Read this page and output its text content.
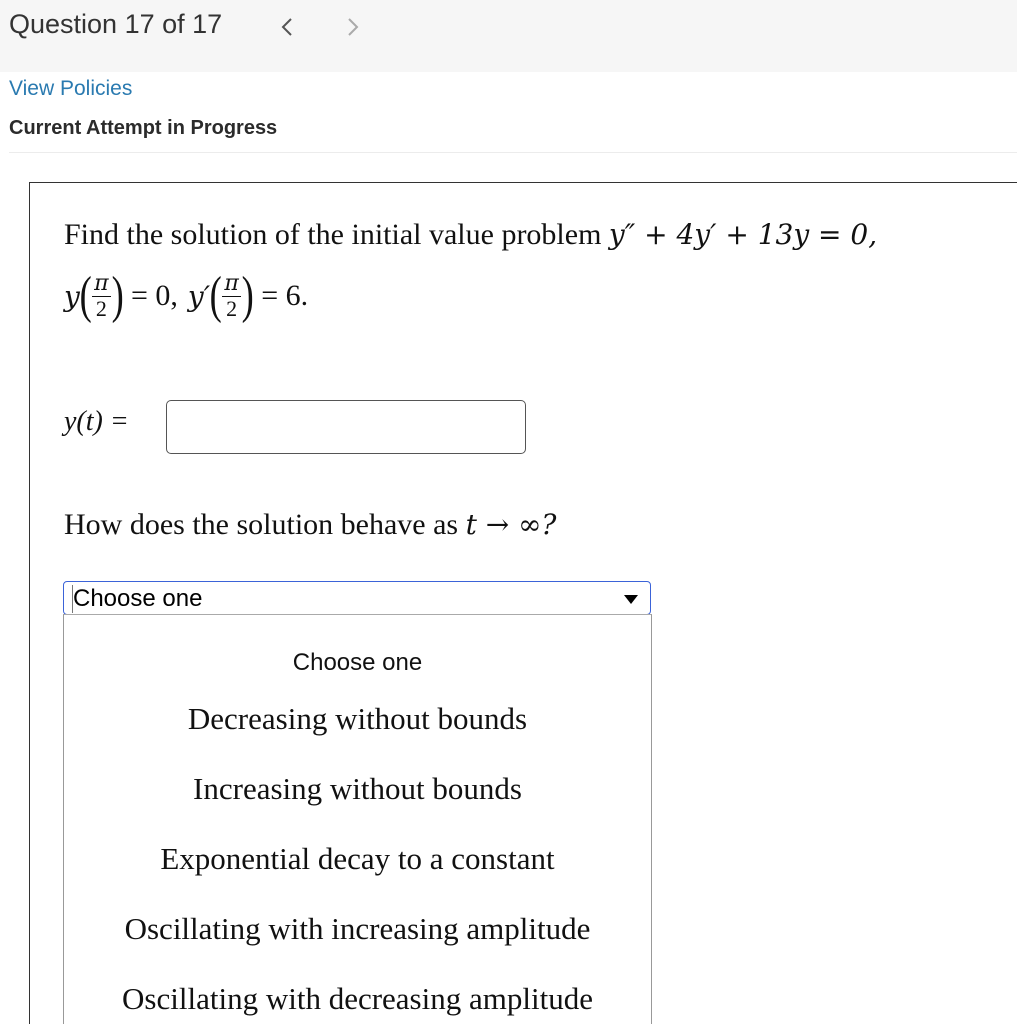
Question 17 of 17
View Policies
Current Attempt in Progress
Find the solution of the initial value problem y″ + 4y′ + 13y = 0,
y ( $\frac{\pi}{2}$ ) = 0, y′ ( $\frac{\pi}{2}$ ) = 6.
y(t) =
How does the solution behave as t → ∞?
Choose one
Choose one
Decreasing without bounds
Increasing without bounds
Exponential decay to a constant
Oscillating with increasing amplitude
Oscillating with decreasing amplitude
